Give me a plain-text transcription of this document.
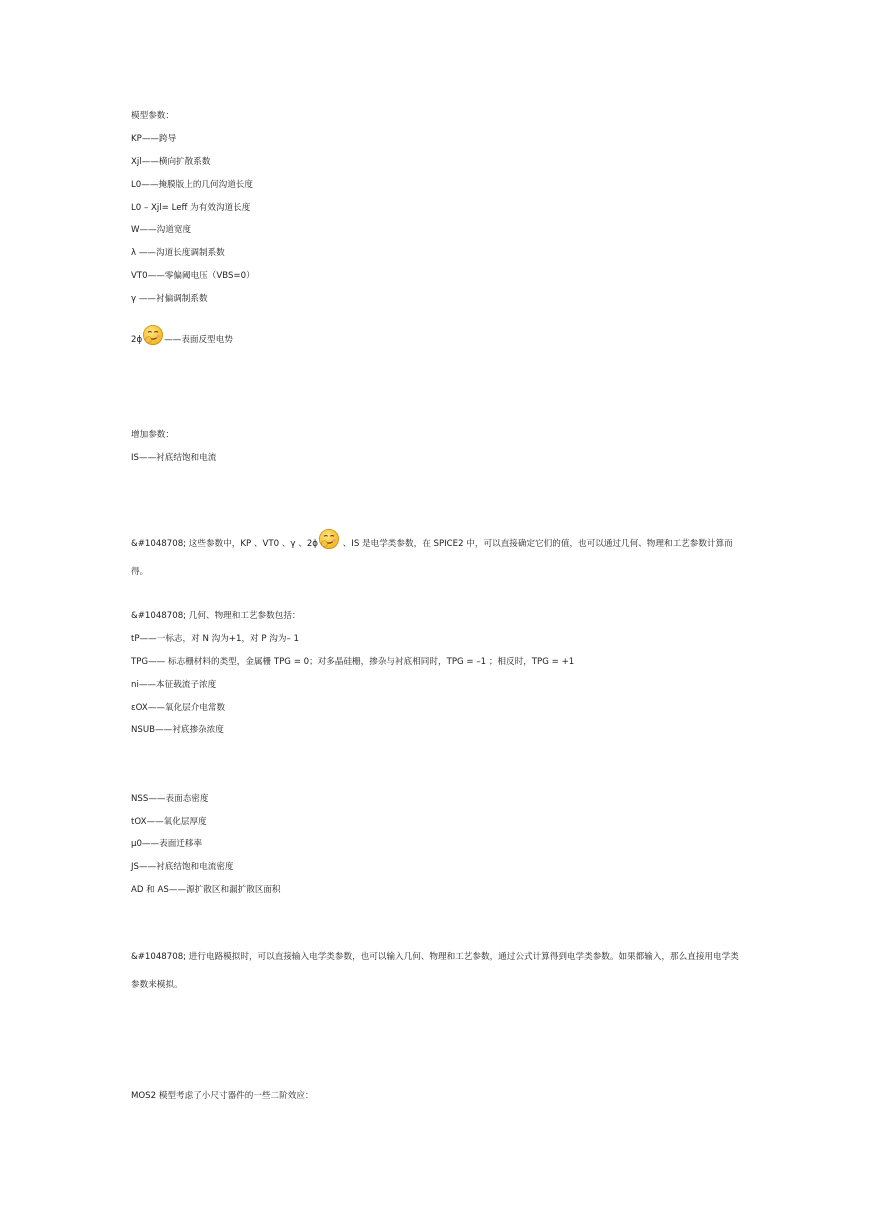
模型参数：
KP——跨导
Xjl——横向扩散系数
L0——掩膜版上的几何沟道长度
L0 – Xjl= Leff 为有效沟道长度
W——沟道宽度
λ ——沟道长度调制系数
VT0——零偏阈电压（VBS=0）
γ ——衬偏调制系数
2ϕ	——表面反型电势
增加参数：
IS——衬底结饱和电流
&#1048708; 这些参数中，KP 、VT0 、γ 、2ϕ	、IS 是电学类参数，在 SPICE2 中，可以直接确定它们的值，也可以通过几何、物理和工艺参数计算而得。
&#1048708; 几何、物理和工艺参数包括：
tP——一标志，对 N 沟为+1，对 P 沟为– 1
TPG—— 标志栅材料的类型，金属栅 TPG = 0；对多晶硅栅，掺杂与衬底相同时，TPG = –1 ；相反时，TPG = +1
ni——本征载流子浓度
εOX——氧化层介电常数
NSUB——衬底掺杂浓度
NSS——表面态密度
tOX——氧化层厚度
μ0——表面迁移率
JS——衬底结饱和电流密度
AD 和 AS——源扩散区和漏扩散区面积
&#1048708; 进行电路模拟时，可以直接输入电学类参数，也可以输入几何、物理和工艺参数，通过公式计算得到电学类参数。如果都输入，那么直接用电学类参数来模拟。
MOS2 模型考虑了小尺寸器件的一些二阶效应：
